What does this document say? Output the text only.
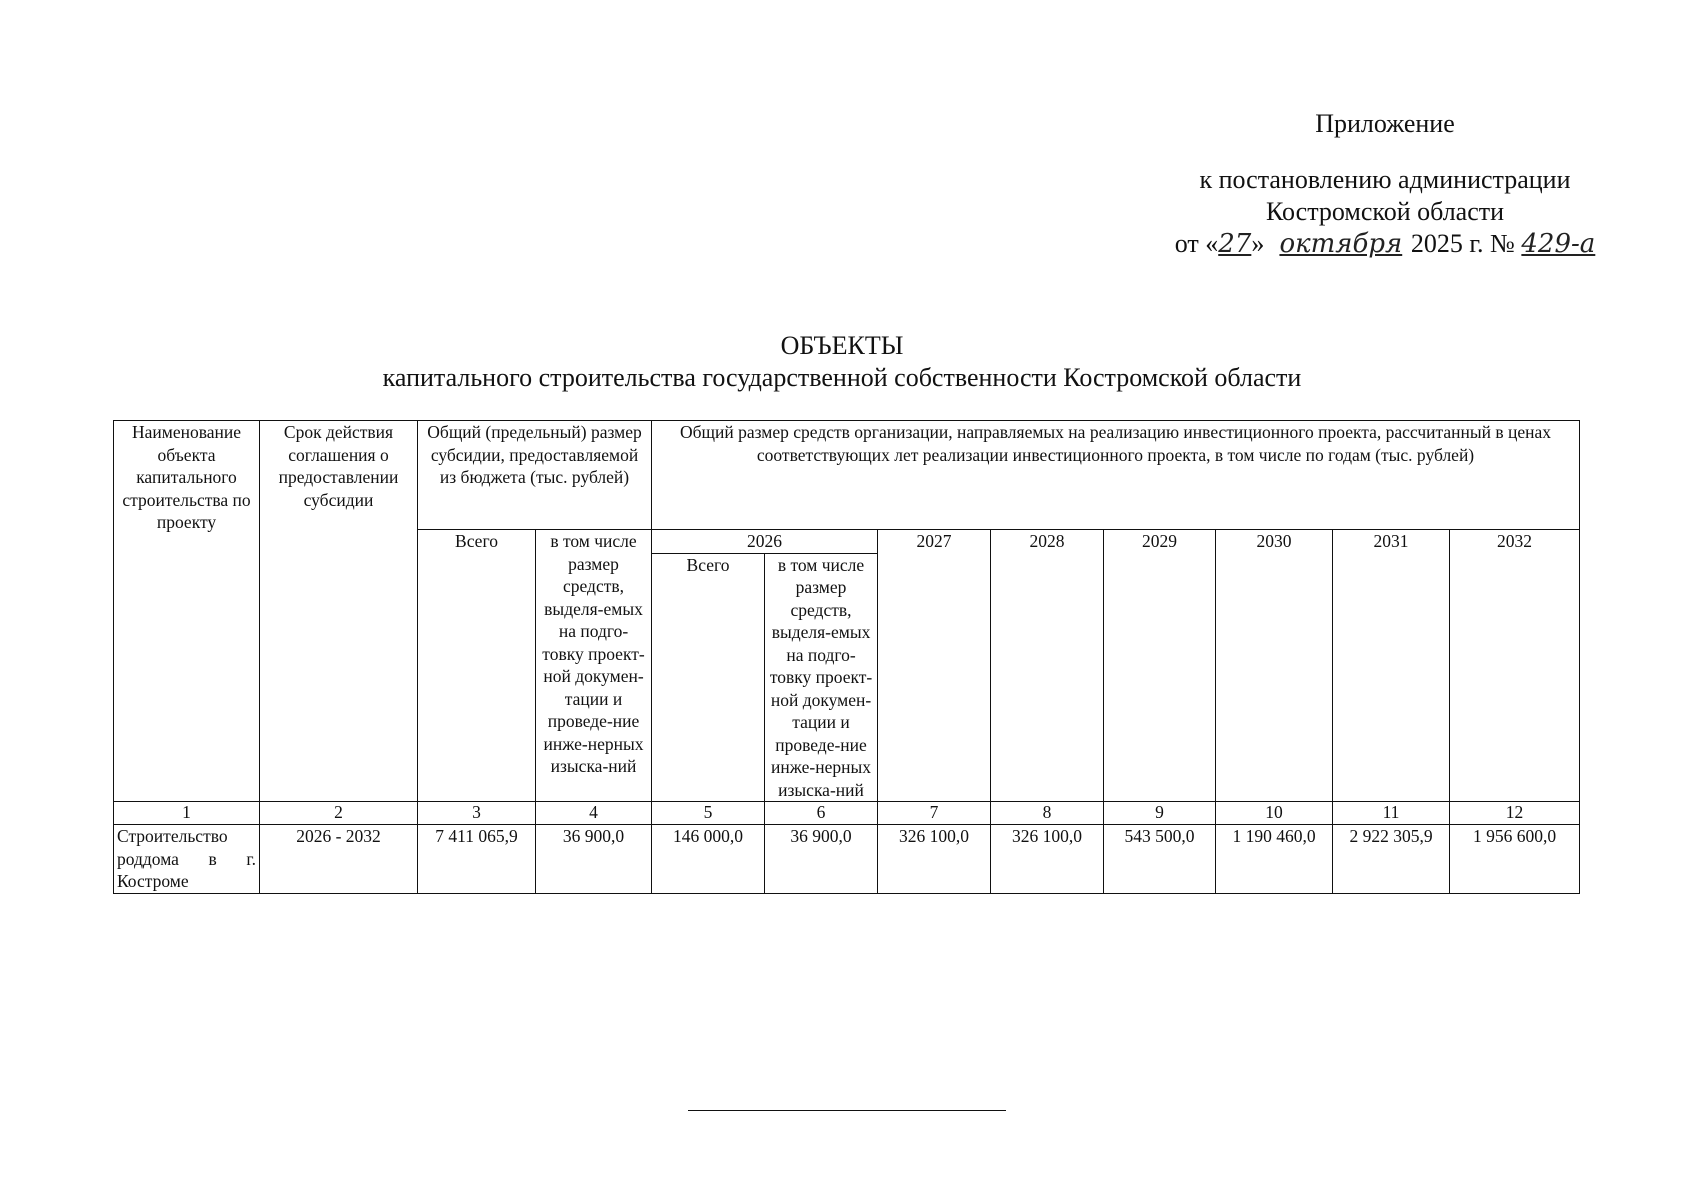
Приложение
к постановлению администрации
Костромской области
от «27» октября 2025 г. № 429-а
ОБЪЕКТЫ
капитального строительства государственной собственности Костромской области
Наименование объекта капитального строительства по проекту	Срок действия соглашения о предоставлении субсидии	Общий (предельный) размер субсидии, предоставляемой из бюджета (тыс. рублей)		Общий размер средств организации, направляемых на реализацию инвестиционного проекта, рассчитанный в ценах соответствующих лет реализации инвестиционного проекта, в том числе по годам (тыс. рублей)							
		Всего	в том числе размер средств, выделя-емых на подго-товку проект-ной докумен-тации и проведе-ние инже-нерных изыска-ний	2026		2027	2028	2029	2030	2031	2032
				Всего	в том числе размер средств, выделя-емых на подго-товку проект-ной докумен-тации и проведе-ние инже-нерных изыска-ний						
1	2	3	4	5	6	7	8	9	10	11	12
Строительство роддома в г. Костроме	2026 - 2032	7 411 065,9	36 900,0	146 000,0	36 900,0	326 100,0	326 100,0	543 500,0	1 190 460,0	2 922 305,9	1 956 600,0
